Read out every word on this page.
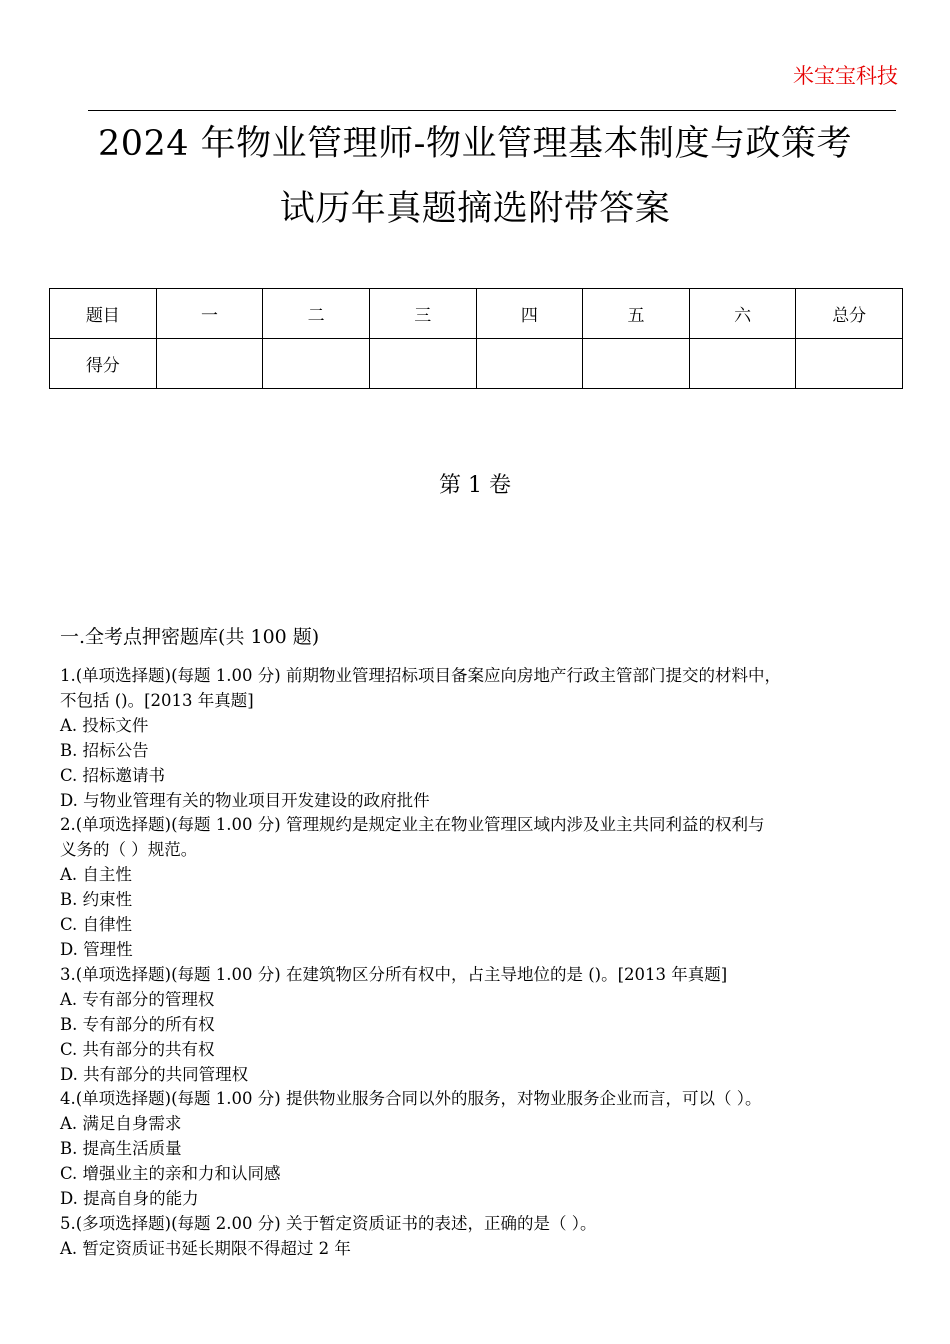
米宝宝科技
2024 年物业管理师-物业管理基本制度与政策考
试历年真题摘选附带答案
题目	一	二	三	四	五	六	总分
得分							
第 1 卷
一.全考点押密题库(共 100 题)

1.(单项选择题)(每题 1.00 分) 前期物业管理招标项目备案应向房地产行政主管部门提交的材料中，

不包括 ()。[2013 年真题]

A. 投标文件

B. 招标公告

C. 招标邀请书

D. 与物业管理有关的物业项目开发建设的政府批件

2.(单项选择题)(每题 1.00 分) 管理规约是规定业主在物业管理区域内涉及业主共同利益的权利与

义务的（ ）规范。

A. 自主性

B. 约束性

C. 自律性

D. 管理性

3.(单项选择题)(每题 1.00 分) 在建筑物区分所有权中，占主导地位的是 ()。[2013 年真题]

A. 专有部分的管理权

B. 专有部分的所有权

C. 共有部分的共有权

D. 共有部分的共同管理权

4.(单项选择题)(每题 1.00 分) 提供物业服务合同以外的服务，对物业服务企业而言，可以（ ）。

A. 满足自身需求

B. 提高生活质量

C. 增强业主的亲和力和认同感

D. 提高自身的能力

5.(多项选择题)(每题 2.00 分) 关于暂定资质证书的表述，正确的是（ ）。

A. 暂定资质证书延长期限不得超过 2 年
